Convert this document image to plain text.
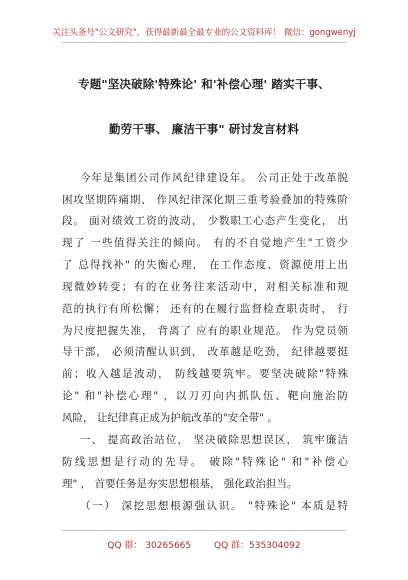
关注头条号"公文研究"，获得最新最全最专业的公文资料库！ 微信：gongwenyj
专题"坚决破除'特殊论' 和'补偿心理' 踏实干事、
勤劳干事、 廉洁干事" 研讨发言材料
今年是集团公司作风纪律建设年。 公司正处于改革脱
困攻坚期阵痛期、 作风纪律深化期三重考验叠加的特殊阶
段。 面对绩效工资的波动， 少数职工心态产生变化， 出
现了 一些值得关注的倾向。 有的不自觉地产生"工资少
了 总得找补" 的失衡心理， 在工作态度、资源使用上出
现微妙转变；有的在业务往来活动中，对相关标准和规
范的执行有所松懈； 还有的在履行监督检查职责时， 行
为尺度把握失准， 背离了 应有的职业规范。 作为党员领
导干部， 必须清醒认识到， 改革越是吃劲， 纪律越要挺
前；收入越是波动， 防线越要筑牢。要坚决破除"特殊
论" 和"补偿心理" ，以刀刃向内抓队伍、靶向施治防
风险， 让纪律真正成为护航改革的"安全带" 。
一、 提高政治站位， 坚决破除思想误区， 筑牢廉洁
防线思想是行动的先导。 破除"特殊论" 和"补偿心
理" ， 首要任务是夯实思想根基， 强化政治担当。
（一） 深挖思想根源强认识。 "特殊论" 本质是特
QQ 群： 30265665	QQ 群：535304092
